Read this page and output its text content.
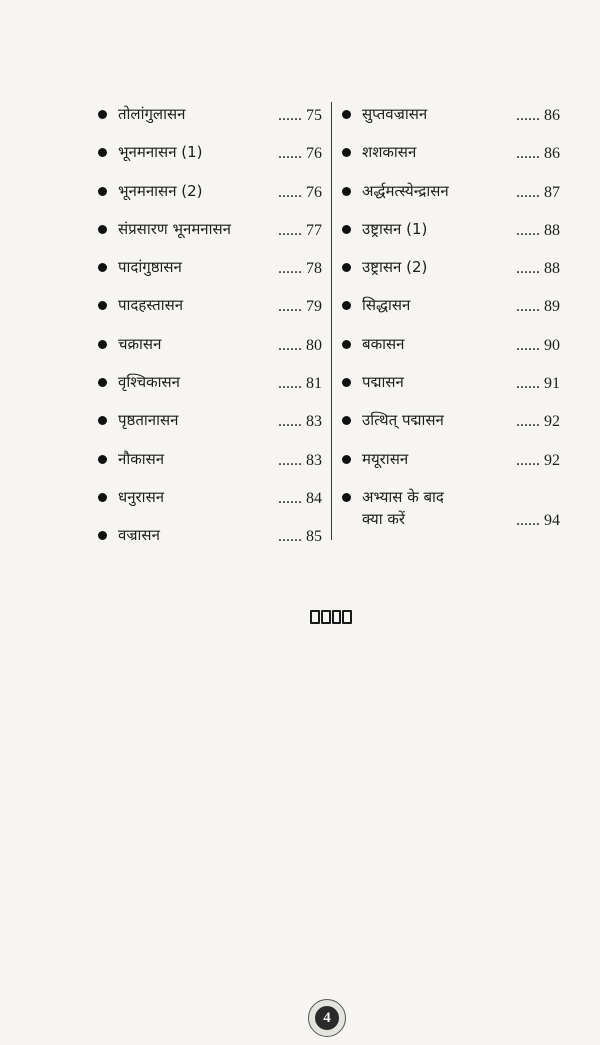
तोलांगुलासन	...... 75
भूनमनासन (1)	...... 76
भूनमनासन (2)	...... 76
संप्रसारण भूनमनासन	...... 77
पादांगुष्ठासन	...... 78
पादहस्तासन	...... 79
चक्रासन	...... 80
वृश्चिकासन	...... 81
पृष्ठतानासन	...... 83
नौकासन	...... 83
धनुरासन	...... 84
वज्रासन	...... 85
सुप्तवज्रासन	...... 86
शशकासन	...... 86
अर्द्धमत्स्येन्द्रासन	...... 87
उष्ट्रासन (1)	...... 88
उष्ट्रासन (2)	...... 88
सिद्धासन	...... 89
बकासन	...... 90
पद्मासन	...... 91
उत्थित् पद्मासन	...... 92
मयूरासन	...... 92
अभ्यास के बाद
क्या करें	...... 94
4
